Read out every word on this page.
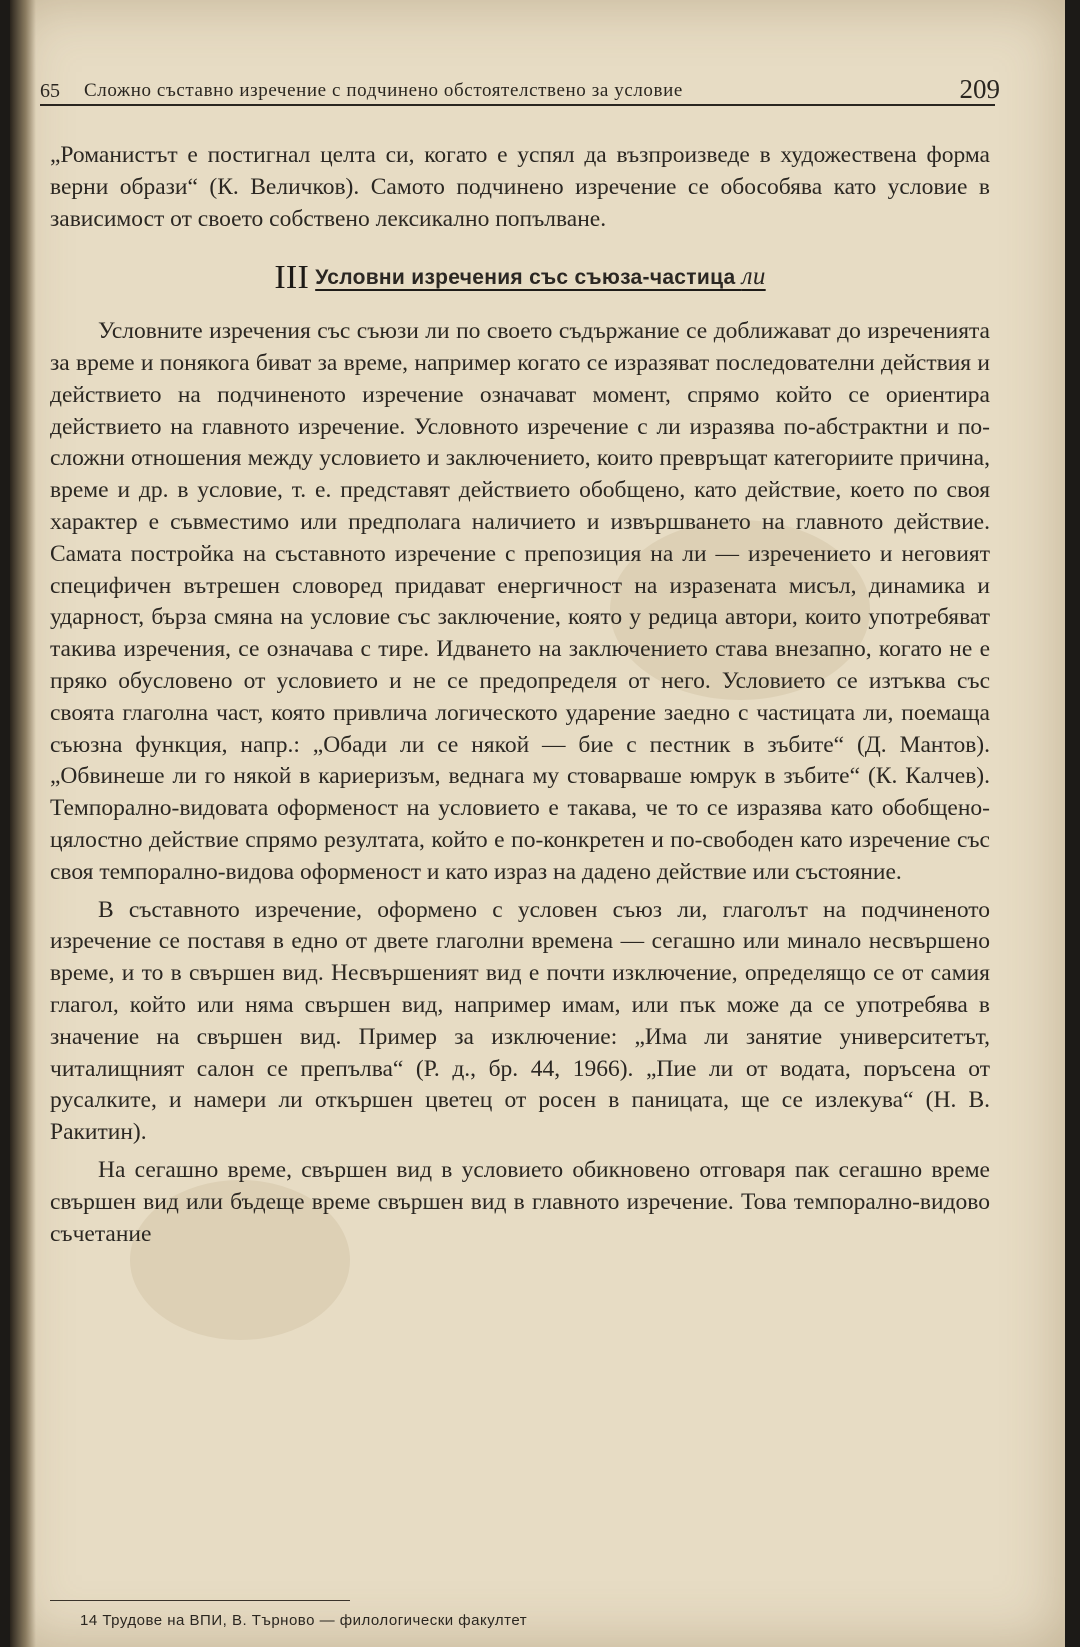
65 Сложно съставно изречение с подчинено обстоятелствено за условие	209

„Романистът е постигнал целта си, когато е успял да възпроизведе в художествена форма верни образи“ (К. Величков). Самото подчинено изречение се обособява като условие в зависимост от своето собствено лексикално попълване.

III Условни изречения със съюза-частица ли

Условните изречения със съюзи ли по своето съдържание се доближават до изреченията за време и понякога биват за време, например когато се изразяват последователни действия и действието на подчиненото изречение означават момент, спрямо който се ориентира действието на главното изречение. Условното изречение с ли изразява по-абстрактни и по-сложни отношения между условието и заключението, които превръщат категориите причина, време и др. в условие, т. е. представят действието обобщено, като действие, което по своя характер е съвместимо или предполага наличието и извършването на главното действие. Самата постройка на съставното изречение с препозиция на ли — изречението и неговият специфичен вътрешен словоред придават енергичност на изразената мисъл, динамика и ударност, бърза смяна на условие със заключение, която у редица автори, които употребяват такива изречения, се означава с тире. Идването на заключението става внезапно, когато не е пряко обусловено от условието и не се предопределя от него. Условието се изтъква със своята глаголна част, която привлича логическото ударение заедно с частицата ли, поемаща съюзна функция, напр.: „Обади ли се някой — бие с пестник в зъбите“ (Д. Мантов). „Обвинеше ли го някой в кариеризъм, веднага му стоварваше юмрук в зъбите“ (К. Калчев). Темпорално-видовата оформеност на условието е такава, че то се изразява като обобщено-цялостно действие спрямо резултата, който е по-конкретен и по-свободен като изречение със своя темпорално-видова оформеност и като израз на дадено действие или състояние.

В съставното изречение, оформено с условен съюз ли, глаголът на подчиненото изречение се поставя в едно от двете глаголни времена — сегашно или минало несвършено време, и то в свършен вид. Несвършеният вид е почти изключение, определящо се от самия глагол, който или няма свършен вид, например имам, или пък може да се употребява в значение на свършен вид. Пример за изключение: „Има ли занятие университетът, читалищният салон се препълва“ (Р. д., бр. 44, 1966). „Пие ли от водата, поръсена от русалките, и намери ли откършен цветец от росен в паницата, ще се излекува“ (Н. В. Ракитин).

На сегашно време, свършен вид в условието обикновено отговаря пак сегашно време свършен вид или бъдеще време свършен вид в главното изречение. Това темпорално-видово съчетание

14 Трудове на ВПИ, В. Търново — филологически факултет
